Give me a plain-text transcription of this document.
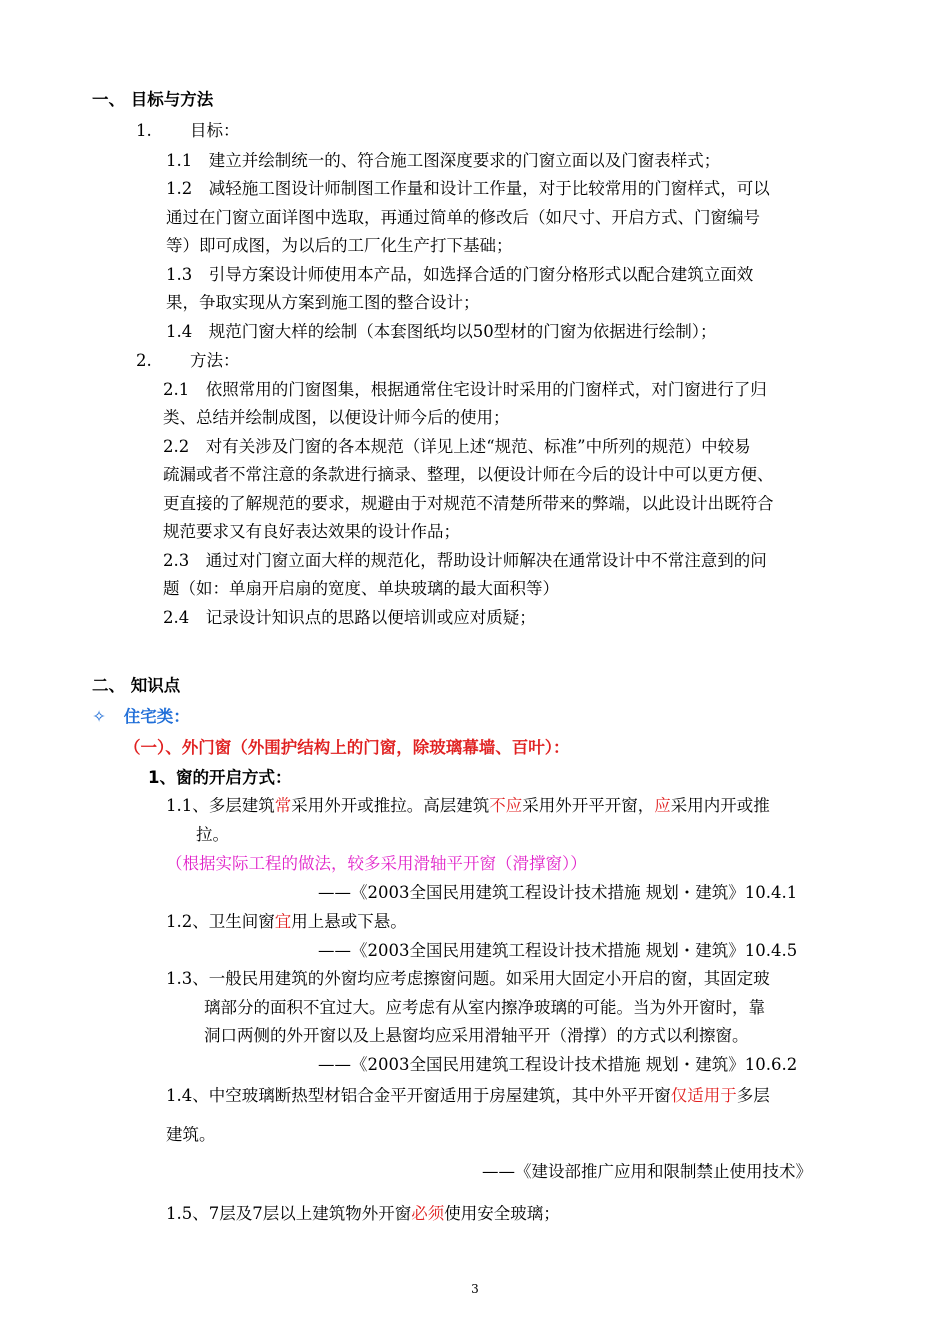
一、 目标与方法
1. 目标：
1.1　建立并绘制统一的、符合施工图深度要求的门窗立面以及门窗表样式；
1.2　减轻施工图设计师制图工作量和设计工作量，对于比较常用的门窗样式，可以
通过在门窗立面详图中选取，再通过简单的修改后（如尺寸、开启方式、门窗编号
等）即可成图，为以后的工厂化生产打下基础；
1.3　引导方案设计师使用本产品，如选择合适的门窗分格形式以配合建筑立面效
果，争取实现从方案到施工图的整合设计；
1.4　规范门窗大样的绘制（本套图纸均以50型材的门窗为依据进行绘制）；
2. 方法：
2.1　依照常用的门窗图集，根据通常住宅设计时采用的门窗样式，对门窗进行了归
类、总结并绘制成图，以便设计师今后的使用；
2.2　对有关涉及门窗的各本规范（详见上述“规范、标准”中所列的规范）中较易
疏漏或者不常注意的条款进行摘录、整理，以便设计师在今后的设计中可以更方便、
更直接的了解规范的要求，规避由于对规范不清楚所带来的弊端，以此设计出既符合
规范要求又有良好表达效果的设计作品；
2.3　通过对门窗立面大样的规范化，帮助设计师解决在通常设计中不常注意到的问
题（如：单扇开启扇的宽度、单块玻璃的最大面积等）
2.4　记录设计知识点的思路以便培训或应对质疑；
二、 知识点
✧ 住宅类：
（一）、外门窗（外围护结构上的门窗，除玻璃幕墙、百叶）：
1、窗的开启方式：
1.1、多层建筑常采用外开或推拉。高层建筑不应采用外开平开窗，应采用内开或推
拉。
（根据实际工程的做法，较多采用滑轴平开窗（滑撑窗））
——《2003全国民用建筑工程设计技术措施 规划・建筑》10.4.1
1.2、卫生间窗宜用上悬或下悬。
——《2003全国民用建筑工程设计技术措施 规划・建筑》10.4.5
1.3、一般民用建筑的外窗均应考虑擦窗问题。如采用大固定小开启的窗，其固定玻
璃部分的面积不宜过大。应考虑有从室内擦净玻璃的可能。当为外开窗时，靠
洞口两侧的外开窗以及上悬窗均应采用滑轴平开（滑撑）的方式以利擦窗。
——《2003全国民用建筑工程设计技术措施 规划・建筑》10.6.2
1.4、中空玻璃断热型材铝合金平开窗适用于房屋建筑，其中外平开窗仅适用于多层
建筑。
——《建设部推广应用和限制禁止使用技术》
1.5、7层及7层以上建筑物外开窗必须使用安全玻璃；
3
